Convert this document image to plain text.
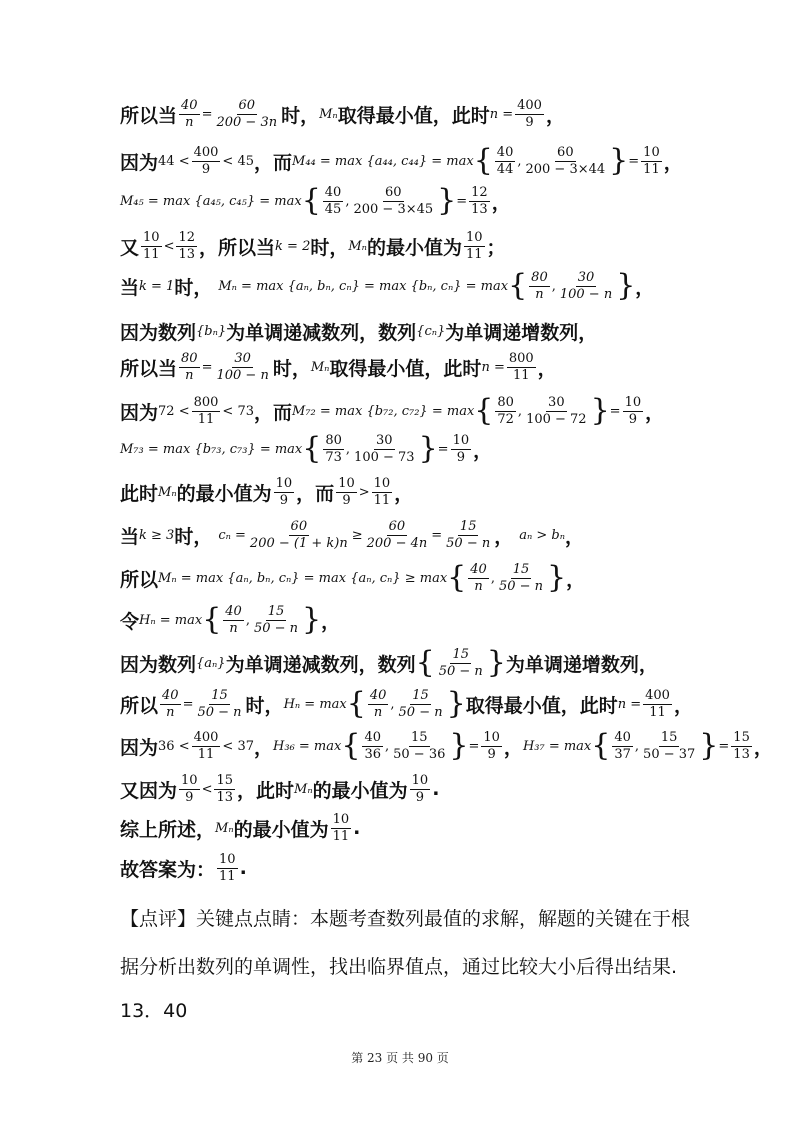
所以当 $\frac{40}{n} = \frac{60}{200 - 3n}$ 时， Mₙ 取得最小值，此时 $n = \frac{400}{9}$ ，
因为 $44 < \frac{400}{9} < 45$ ，而 M₄₄ = max {a₄₄, c₄₄} = max { $\frac{40}{44}$ , $\frac{60}{200 - 3\times 44}$ } = $\frac{10}{11}$ ，
M₄₅ = max {a₄₅, c₄₅} = max { $\frac{40}{45}$ , $\frac{60}{200 - 3\times 45}$ } = $\frac{12}{13}$ ，
又 $\frac{10}{11} < \frac{12}{13}$ ，所以当 k = 2 时， Mₙ 的最小值为 $\frac{10}{11}$ ；
当 k = 1 时， Mₙ = max {aₙ, bₙ, cₙ} = max {bₙ, cₙ} = max { $\frac{80}{n}$ , $\frac{30}{100 - n}$ } ，
因为数列 {bₙ} 为单调递减数列，数列 {cₙ} 为单调递增数列，
所以当 $\frac{80}{n} = \frac{30}{100 - n}$ 时， Mₙ 取得最小值，此时 $n = \frac{800}{11}$ ，
因为 $72 < \frac{800}{11} < 73$ ，而 M₇₂ = max {b₇₂, c₇₂} = max { $\frac{80}{72}$ , $\frac{30}{100 - 72}$ } = $\frac{10}{9}$ ，
M₇₃ = max {b₇₃, c₇₃} = max { $\frac{80}{73}$ , $\frac{30}{100 - 73}$ } = $\frac{10}{9}$ ，
此时 Mₙ 的最小值为 $\frac{10}{9}$ ，而 $\frac{10}{9} > \frac{10}{11}$ ，
当 k ≥ 3 时， $c_n = \frac{60}{200 - (1 + k)n} \ge \frac{60}{200 - 4n} = \frac{15}{50 - n}$ ， aₙ > bₙ ，
所以 Mₙ = max {aₙ, bₙ, cₙ} = max {aₙ, cₙ} ≥ max { $\frac{40}{n}$ , $\frac{15}{50 - n}$ } ，
令 Hₙ = max { $\frac{40}{n}$ , $\frac{15}{50 - n}$ } ，
因为数列 {aₙ} 为单调递减数列，数列 { $\frac{15}{50 - n}$ } 为单调递增数列，
所以 $\frac{40}{n} = \frac{15}{50 - n}$ 时， Hₙ = max { $\frac{40}{n}$ , $\frac{15}{50 - n}$ } 取得最小值，此时 $n = \frac{400}{11}$ ，
因为 $36 < \frac{400}{11} < 37$ ， H₃₆ = max { $\frac{40}{36}$ , $\frac{15}{50 - 36}$ } = $\frac{10}{9}$ ， H₃₇ = max { $\frac{40}{37}$ , $\frac{15}{50 - 37}$ } = $\frac{15}{13}$ ，
又因为 $\frac{10}{9} < \frac{15}{13}$ ，此时 Mₙ 的最小值为 $\frac{10}{9}$ .
综上所述， Mₙ 的最小值为 $\frac{10}{11}$ .
故答案为： $\frac{10}{11}$ .
【点评】关键点点睛：本题考查数列最值的求解，解题的关键在于根
据分析出数列的单调性，找出临界值点，通过比较大小后得出结果.
13．40
第 23 页 共 90 页
